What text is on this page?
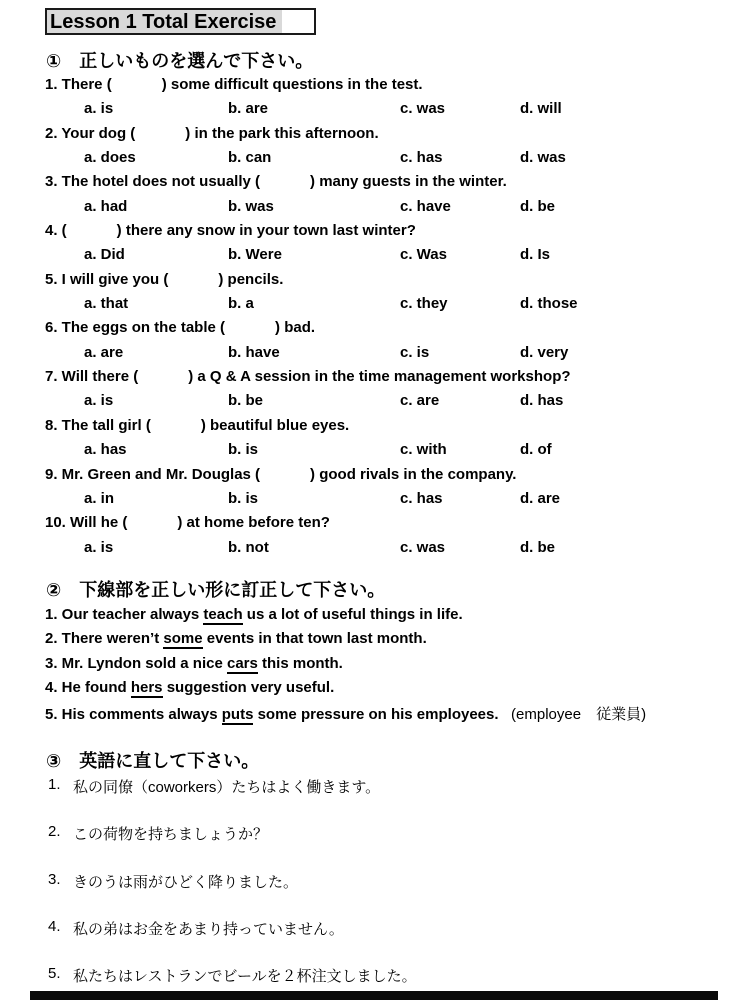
Lesson 1 Total Exercise
①　正しいものを選んで下さい。
1. There (            ) some difficult questions in the test.

a. is

	b. are

	c. was

	d. will

2. Your dog (            ) in the park this afternoon.

a. does

	b. can

	c. has

	d. was

3. The hotel does not usually (            ) many guests in the winter.

a. had

	b. was

	c. have

	d. be

4. (            ) there any snow in your town last winter?

a. Did

	b. Were

	c. Was

	d. Is

5. I will give you (            ) pencils.

a. that

	b. a

	c. they

	d. those

6. The eggs on the table (            ) bad.

a. are

	b. have

	c. is

	d. very

7. Will there (            ) a Q & A session in the time management workshop?

a. is

	b. be

	c. are

	d. has

8. The tall girl (            ) beautiful blue eyes.

a. has

	b. is

	c. with

	d. of

9. Mr. Green and Mr. Douglas (            ) good rivals in the company.

a. in

	b. is

	c. has

	d. are

10. Will he (            ) at home before ten?

a. is

	b. not

	c. was

	d. be

②　下線部を正しい形に訂正して下さい。
1. Our teacher always teach us a lot of useful things in life.
2. There weren’t some events in that town last month.
3. Mr. Lyndon sold a nice cars this month.
4. He found hers suggestion very useful.
5. His comments always puts some pressure on his employees.   (employee　従業員)
③　英語に直して下さい。

1.

私の同僚（coworkers）たちはよく働きます。

2.

この荷物を持ちましょうか？

3.

きのうは雨がひどく降りました。

4.

私の弟はお金をあまり持っていません。

5.

私たちはレストランでビールを２杯注文しました。
